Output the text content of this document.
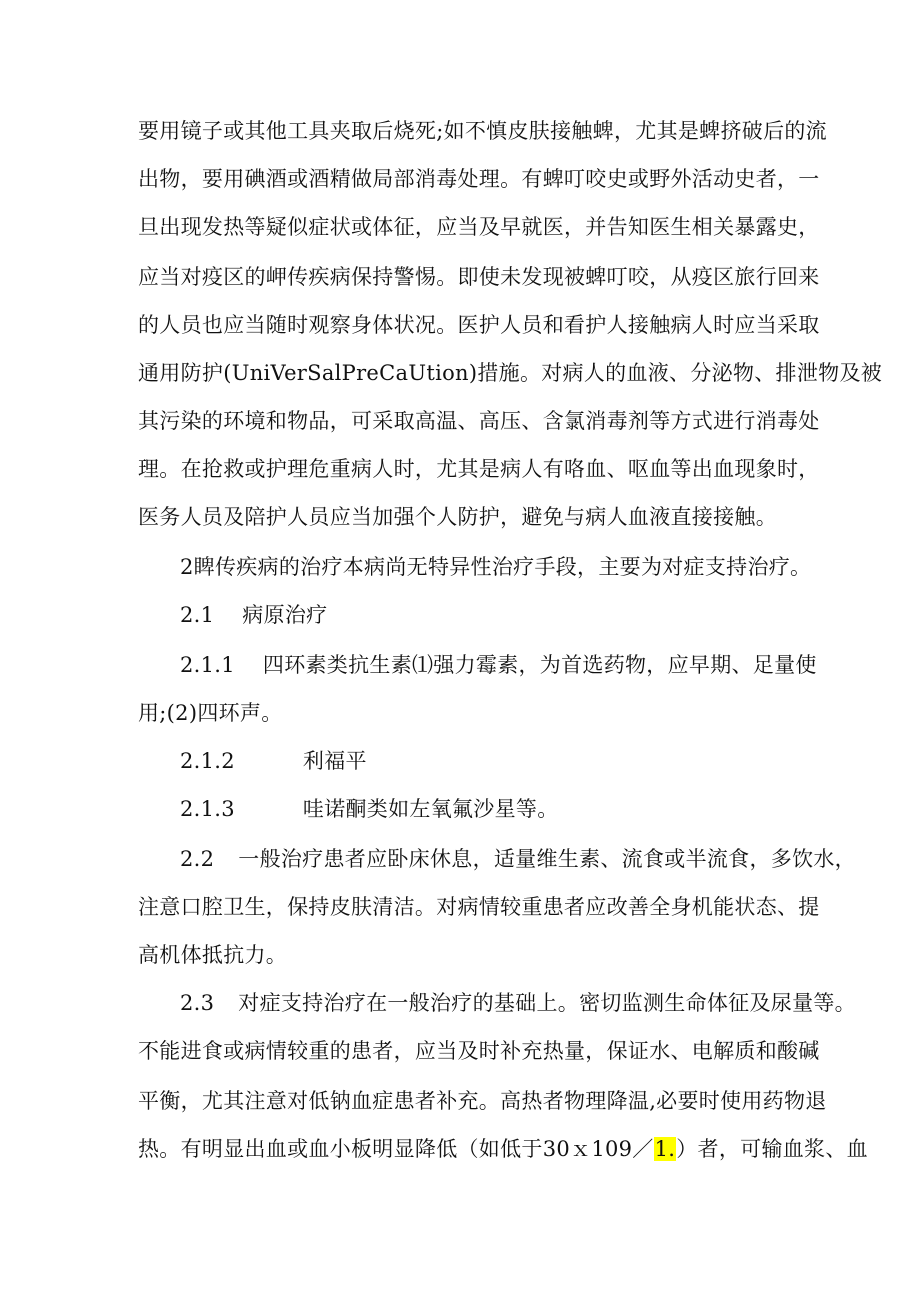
要用镜子或其他工具夹取后烧死;如不慎皮肤接触蜱，尤其是蜱挤破后的流
出物，要用碘酒或酒精做局部消毒处理。有蜱叮咬史或野外活动史者，一
旦出现发热等疑似症状或体征，应当及早就医，并告知医生相关暴露史，
应当对疫区的岬传疾病保持警惕。即使未发现被蜱叮咬，从疫区旅行回来
的人员也应当随时观察身体状况。医护人员和看护人接触病人时应当采取
通用防护(UniVerSalPreCaUtion)措施。对病人的血液、分泌物、排泄物及被
其污染的环境和物品，可采取高温、高压、含氯消毒剂等方式进行消毒处
理。在抢救或护理危重病人时，尤其是病人有咯血、呕血等出血现象时，
医务人员及陪护人员应当加强个人防护，避免与病人血液直接接触。
2睥传疾病的治疗本病尚无特异性治疗手段，主要为对症支持治疗。
2.1 病原治疗
2.1.1 四环素类抗生素⑴强力霉素，为首选药物，应早期、足量使
用;(2)四环声。
2.1.2	利福平
2.1.3	哇诺酮类如左氧氟沙星等。
2.2 一般治疗患者应卧床休息，适量维生素、流食或半流食，多饮水，
注意口腔卫生，保持皮肤清洁。对病情较重患者应改善全身机能状态、提
高机体抵抗力。
2.3 对症支持治疗在一般治疗的基础上。密切监测生命体征及尿量等。
不能进食或病情较重的患者，应当及时补充热量，保证水、电解质和酸碱
平衡，尤其注意对低钠血症患者补充。高热者物理降温,必要时使用药物退
热。有明显出血或血小板明显降低（如低于30ｘ109／1.）者，可输血浆、血
